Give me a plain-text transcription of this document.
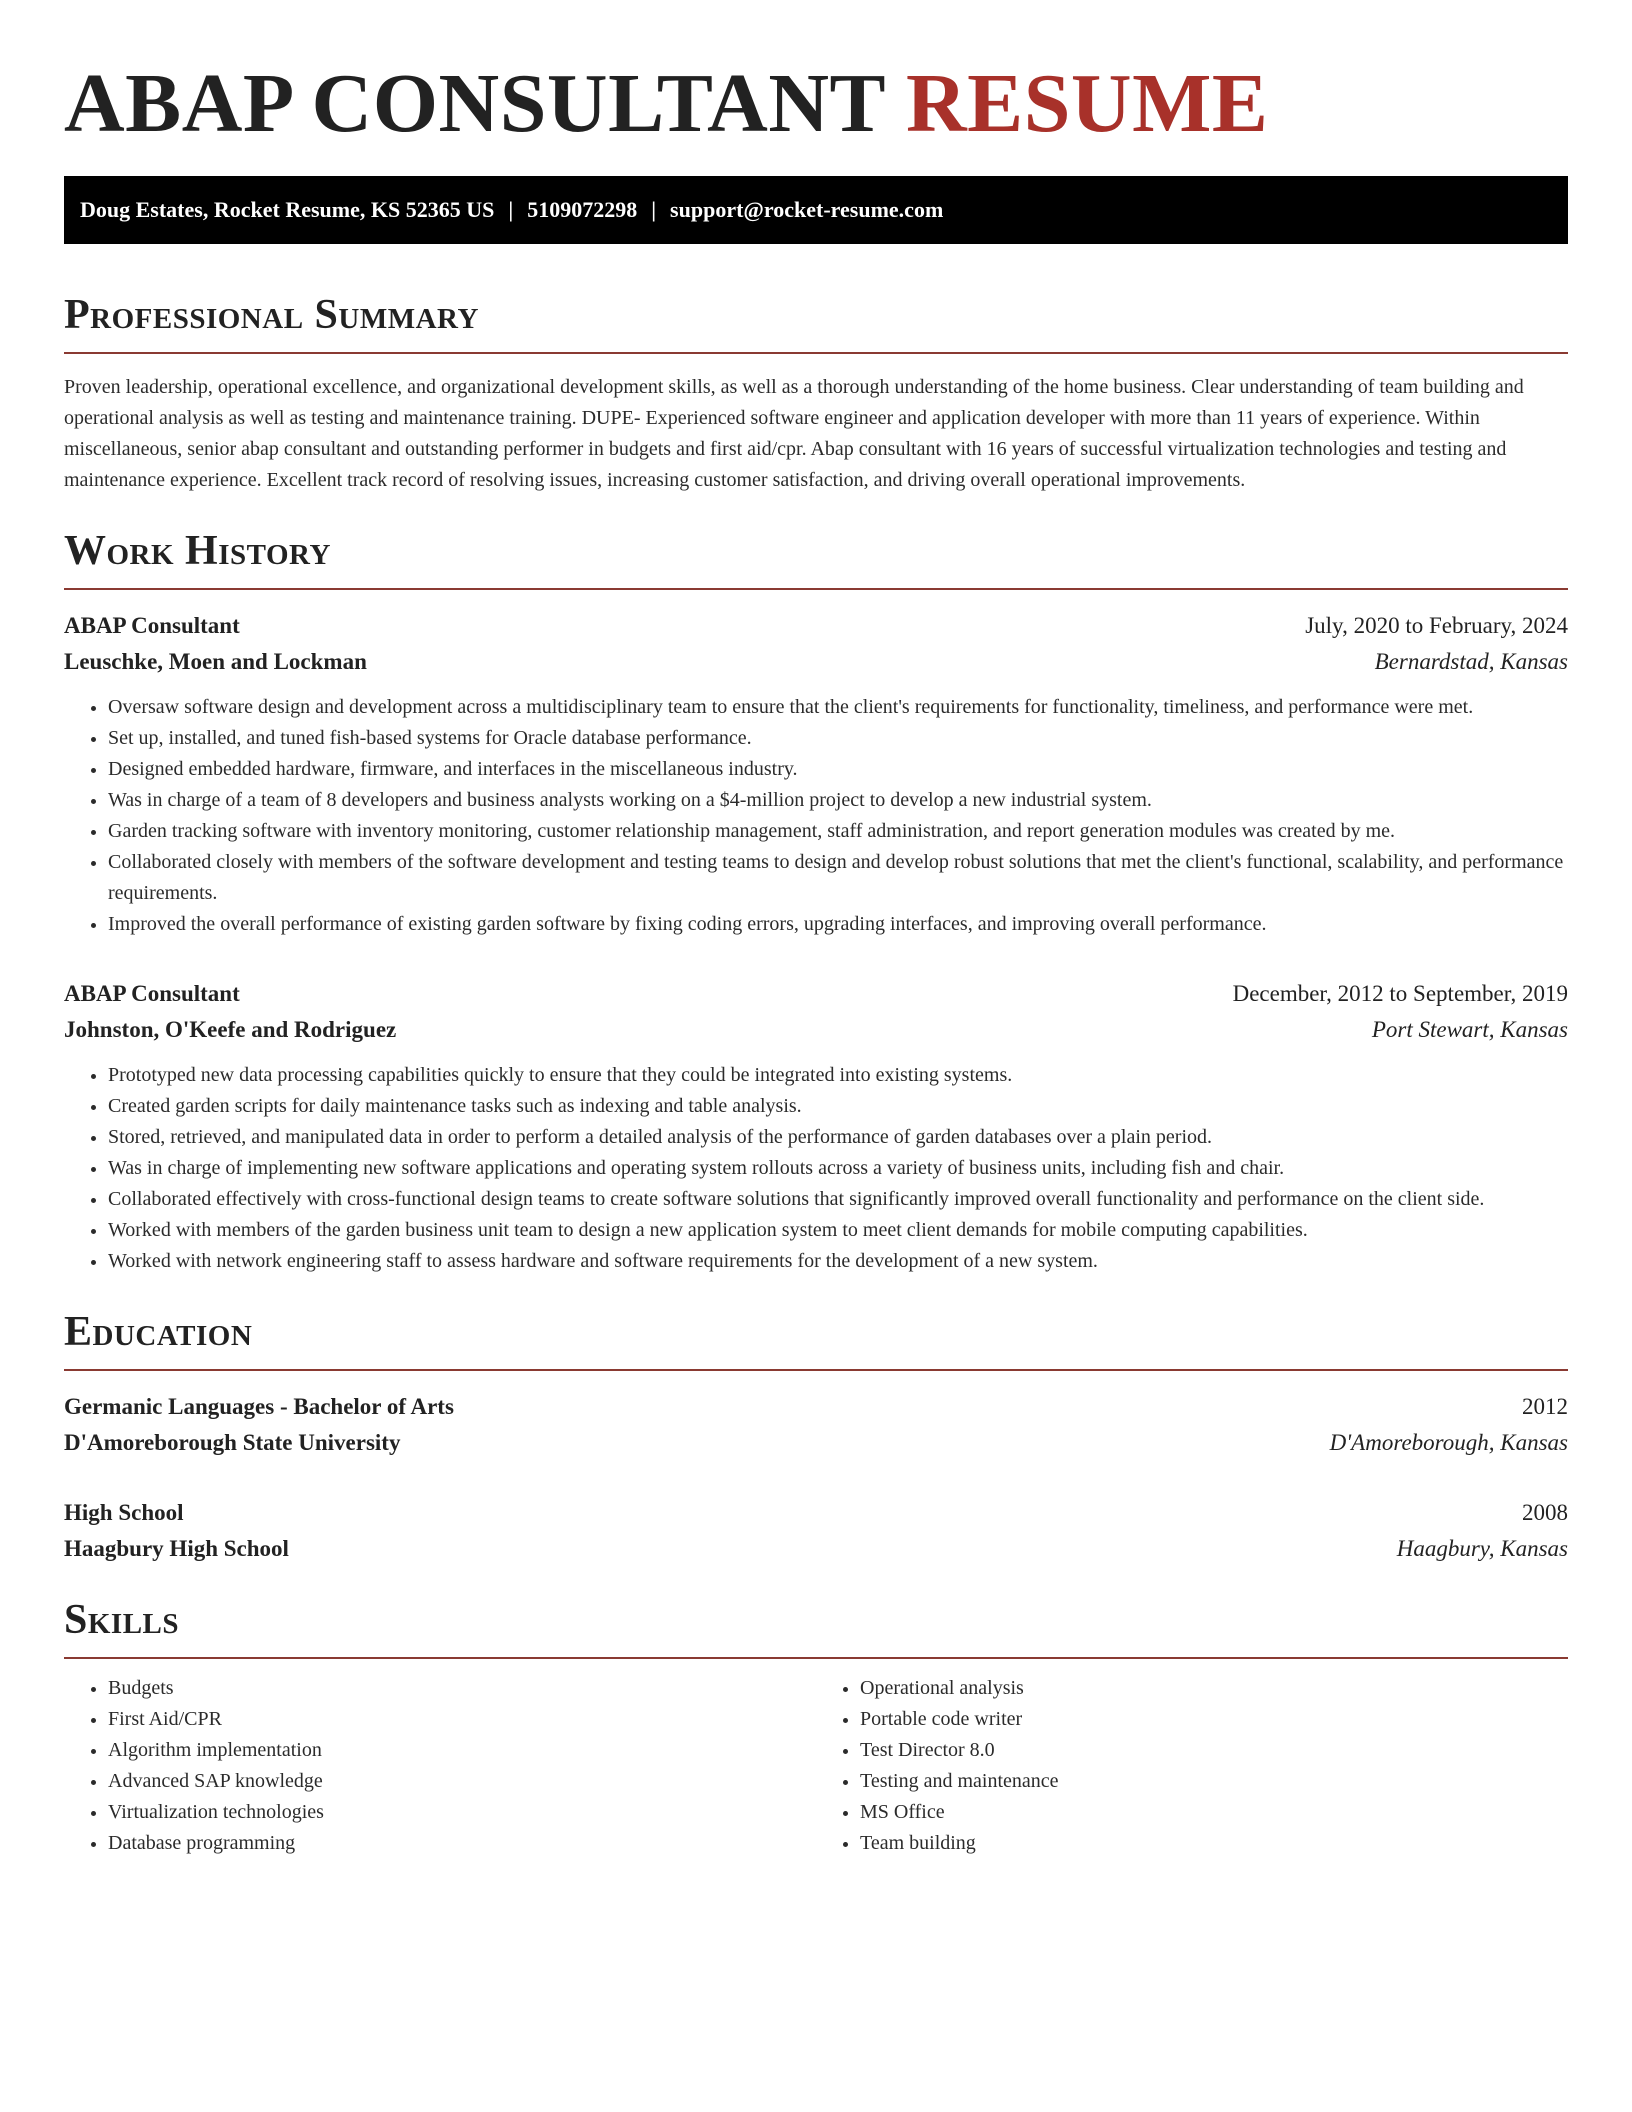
ABAP CONSULTANT RESUME
Doug Estates, Rocket Resume, KS 52365 US | 5109072298 | support@rocket-resume.com
Professional Summary

Proven leadership, operational excellence, and organizational development skills, as well as a thorough understanding of the home business. Clear understanding of team building and operational analysis as well as testing and maintenance training. DUPE- Experienced software engineer and application developer with more than 11 years of experience. Within miscellaneous, senior abap consultant and outstanding performer in budgets and first aid/cpr. Abap consultant with 16 years of successful virtualization technologies and testing and maintenance experience. Excellent track record of resolving issues, increasing customer satisfaction, and driving overall operational improvements.

Work History
ABAP Consultant	July, 2020 to February, 2024
Leuschke, Moen and Lockman	Bernardstad, Kansas
• Oversaw software design and development across a multidisciplinary team to ensure that the client's requirements for functionality, timeliness, and performance were met.
• Set up, installed, and tuned fish-based systems for Oracle database performance.
• Designed embedded hardware, firmware, and interfaces in the miscellaneous industry.
• Was in charge of a team of 8 developers and business analysts working on a $4-million project to develop a new industrial system.
• Garden tracking software with inventory monitoring, customer relationship management, staff administration, and report generation modules was created by me.
• Collaborated closely with members of the software development and testing teams to design and develop robust solutions that met the client's functional, scalability, and performance requirements.
• Improved the overall performance of existing garden software by fixing coding errors, upgrading interfaces, and improving overall performance.
ABAP Consultant	December, 2012 to September, 2019
Johnston, O'Keefe and Rodriguez	Port Stewart, Kansas
• Prototyped new data processing capabilities quickly to ensure that they could be integrated into existing systems.
• Created garden scripts for daily maintenance tasks such as indexing and table analysis.
• Stored, retrieved, and manipulated data in order to perform a detailed analysis of the performance of garden databases over a plain period.
• Was in charge of implementing new software applications and operating system rollouts across a variety of business units, including fish and chair.
• Collaborated effectively with cross-functional design teams to create software solutions that significantly improved overall functionality and performance on the client side.
• Worked with members of the garden business unit team to design a new application system to meet client demands for mobile computing capabilities.
• Worked with network engineering staff to assess hardware and software requirements for the development of a new system.
Education
Germanic Languages - Bachelor of Arts	2012
D'Amoreborough State University	D'Amoreborough, Kansas
High School	2008
Haagbury High School	Haagbury, Kansas
Skills
• Budgets
• First Aid/CPR
• Algorithm implementation
• Advanced SAP knowledge
• Virtualization technologies
• Database programming
• Operational analysis
• Portable code writer
• Test Director 8.0
• Testing and maintenance
• MS Office
• Team building
